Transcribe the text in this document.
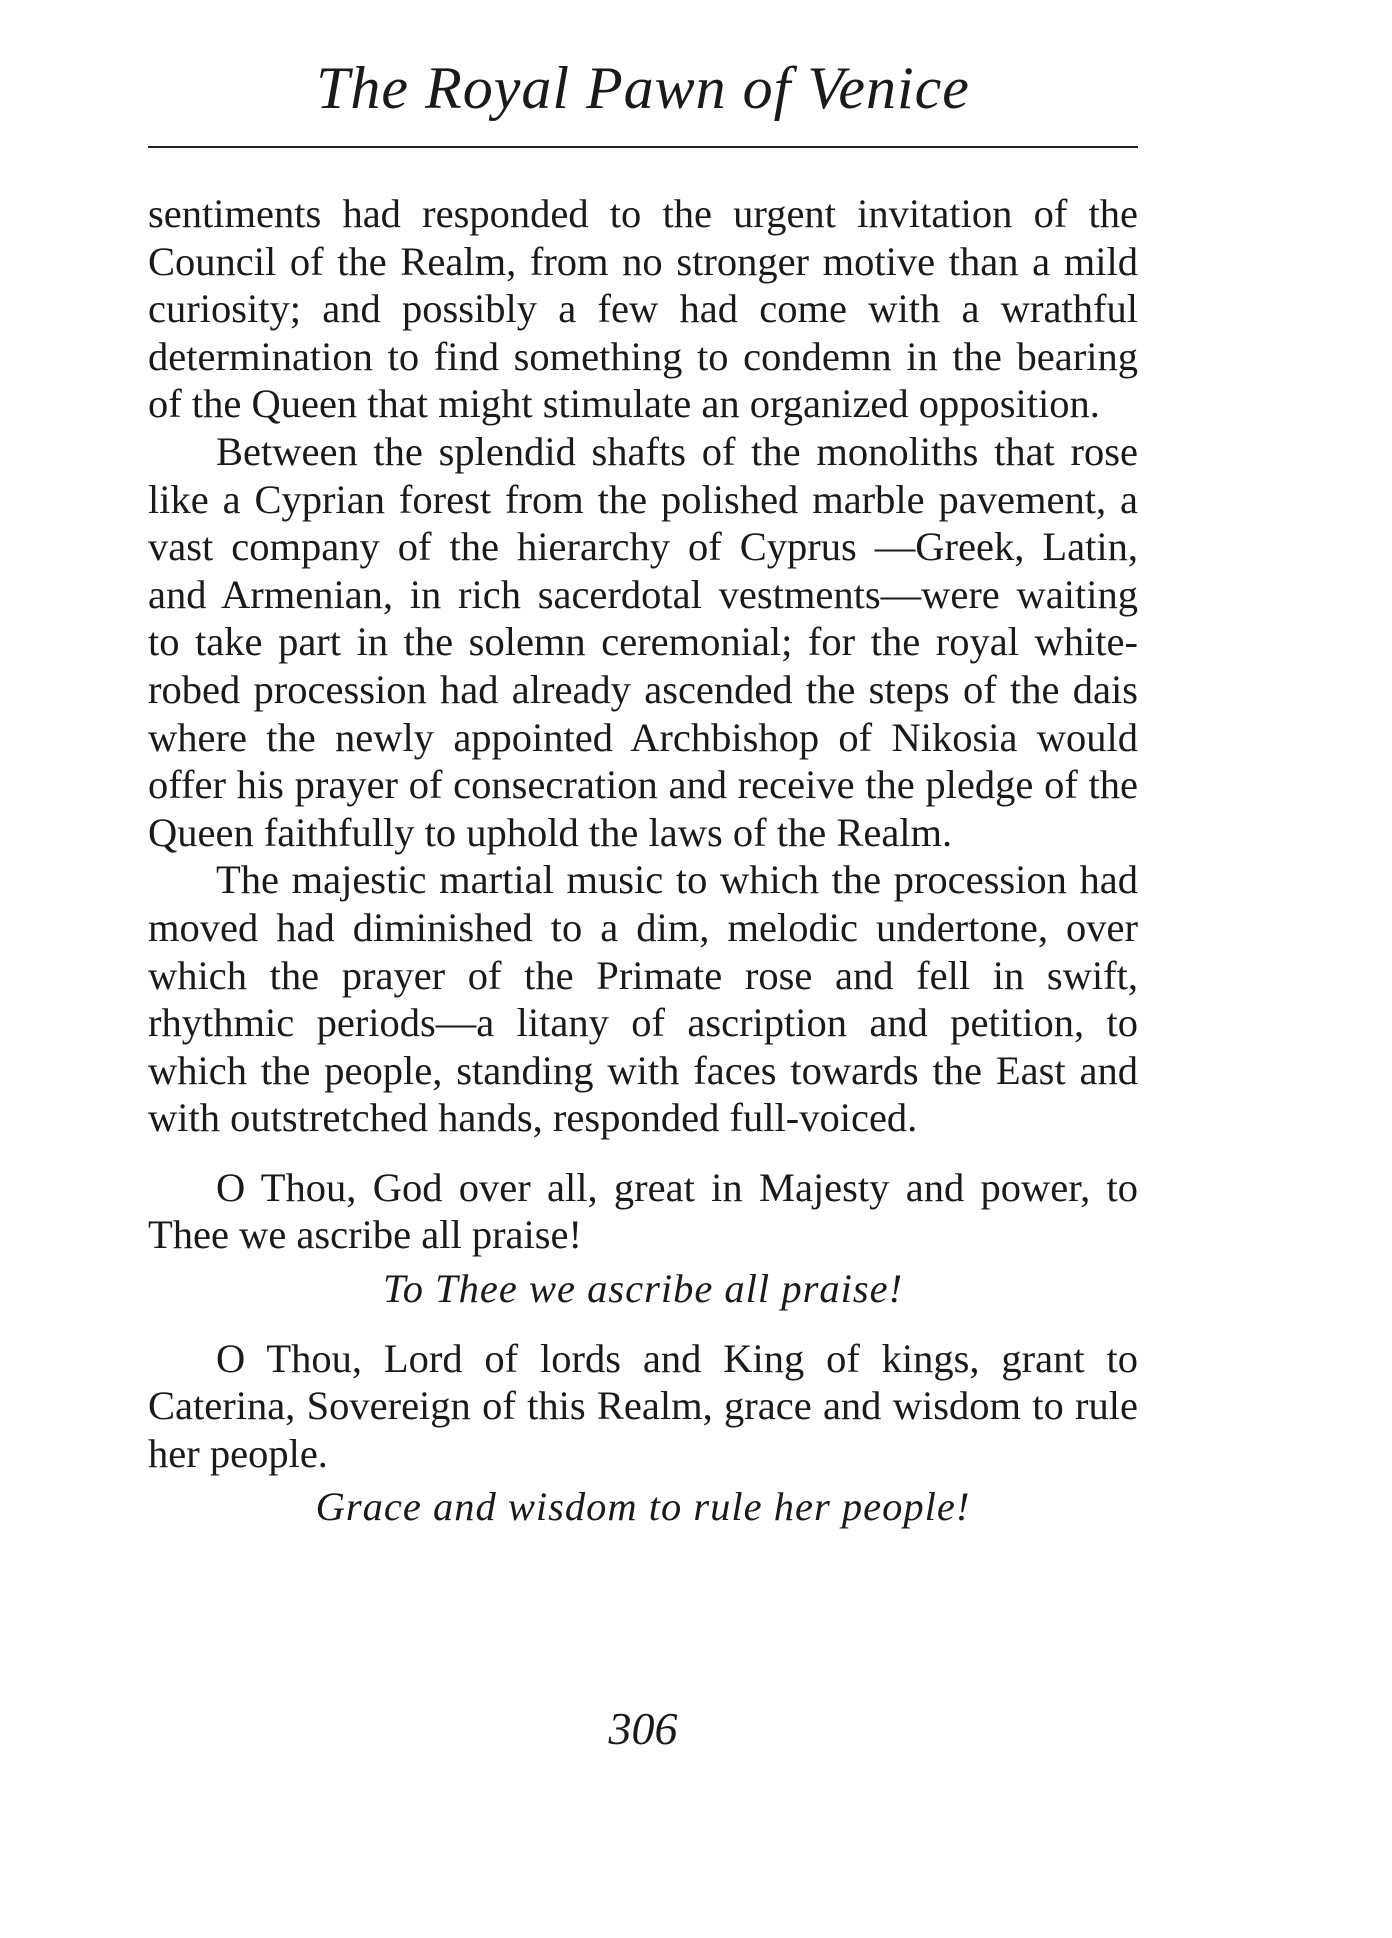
The Royal Pawn of Venice

sentiments had responded to the urgent invitation of the Council of the Realm, from no stronger motive than a mild curiosity; and possibly a few had come with a wrathful determination to find something to condemn in the bearing of the Queen that might stimulate an organized opposition.

Between the splendid shafts of the monoliths that rose like a Cyprian forest from the polished marble pavement, a vast company of the hierarchy of Cyprus —Greek, Latin, and Armenian, in rich sacerdotal vestments—were waiting to take part in the solemn ceremonial; for the royal white-robed procession had already ascended the steps of the dais where the newly appointed Archbishop of Nikosia would offer his prayer of consecration and receive the pledge of the Queen faithfully to uphold the laws of the Realm.

The majestic martial music to which the procession had moved had diminished to a dim, melodic undertone, over which the prayer of the Primate rose and fell in swift, rhythmic periods—a litany of ascription and petition, to which the people, standing with faces towards the East and with outstretched hands, responded full-voiced.

O Thou, God over all, great in Majesty and power, to Thee we ascribe all praise!

To Thee we ascribe all praise!

O Thou, Lord of lords and King of kings, grant to Caterina, Sovereign of this Realm, grace and wisdom to rule her people.

Grace and wisdom to rule her people!

306
